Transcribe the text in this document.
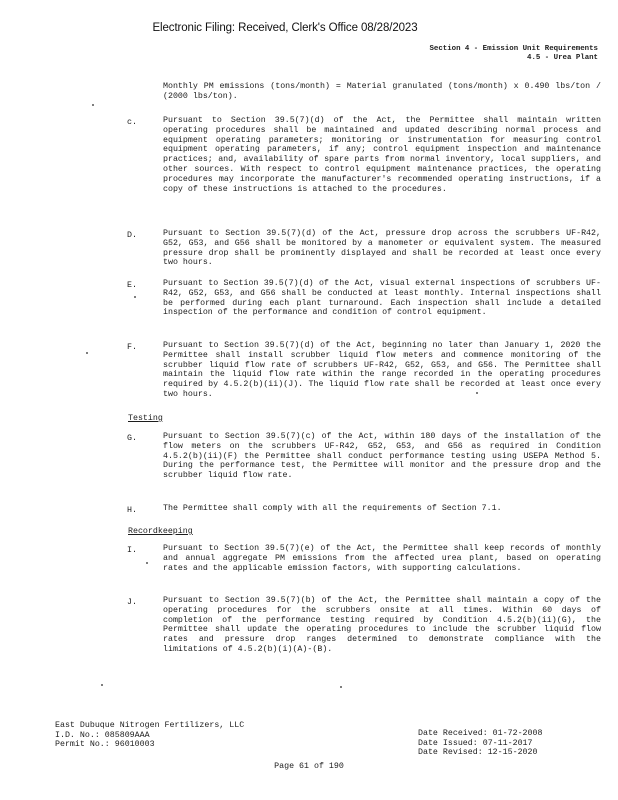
Electronic Filing: Received, Clerk's Office 08/28/2023
Section 4 - Emission Unit Requirements
4.5 - Urea Plant
Monthly PM emissions (tons/month) = Material granulated (tons/month) x 0.490 lbs/ton / (2000 lbs/ton).
c.	Pursuant to Section 39.5(7)(d) of the Act, the Permittee shall maintain written operating procedures shall be maintained and updated describing normal process and equipment operating parameters; monitoring or instrumentation for measuring control equipment operating parameters, if any; control equipment inspection and maintenance practices; and, availability of spare parts from normal inventory, local suppliers, and other sources. With respect to control equipment maintenance practices, the operating procedures may incorporate the manufacturer's recommended operating instructions, if a copy of these instructions is attached to the procedures.
D.	Pursuant to Section 39.5(7)(d) of the Act, pressure drop across the scrubbers UF-R42, G52, G53, and G56 shall be monitored by a manometer or equivalent system. The measured pressure drop shall be prominently displayed and shall be recorded at least once every two hours.
E.	Pursuant to Section 39.5(7)(d) of the Act, visual external inspections of scrubbers UF-R42, G52, G53, and G56 shall be conducted at least monthly. Internal inspections shall be performed during each plant turnaround. Each inspection shall include a detailed inspection of the performance and condition of control equipment.
F.	Pursuant to Section 39.5(7)(d) of the Act, beginning no later than January 1, 2020 the Permittee shall install scrubber liquid flow meters and commence monitoring of the scrubber liquid flow rate of scrubbers UF-R42, G52, G53, and G56. The Permittee shall maintain the liquid flow rate within the range recorded in the operating procedures required by 4.5.2(b)(ii)(J). The liquid flow rate shall be recorded at least once every two hours.
Testing
G.	Pursuant to Section 39.5(7)(c) of the Act, within 180 days of the installation of the flow meters on the scrubbers UF-R42, G52, G53, and G56 as required in Condition 4.5.2(b)(ii)(F) the Permittee shall conduct performance testing using USEPA Method 5. During the performance test, the Permittee will monitor and the pressure drop and the scrubber liquid flow rate.
H.	The Permittee shall comply with all the requirements of Section 7.1.
Recordkeeping
I.	Pursuant to Section 39.5(7)(e) of the Act, the Permittee shall keep records of monthly and annual aggregate PM emissions from the affected urea plant, based on operating rates and the applicable emission factors, with supporting calculations.
J.	Pursuant to Section 39.5(7)(b) of the Act, the Permittee shall maintain a copy of the operating procedures for the scrubbers onsite at all times. Within 60 days of completion of the performance testing required by Condition 4.5.2(b)(ii)(G), the Permittee shall update the operating procedures to include the scrubber liquid flow rates and pressure drop ranges determined to demonstrate compliance with the limitations of 4.5.2(b)(i)(A)-(B).
East Dubuque Nitrogen Fertilizers, LLC
I.D. No.: 085809AAA
Permit No.: 96010003
Date Received: 01-72-2008
Date Issued: 07-11-2017
Date Revised: 12-15-2020
Page 61 of 190
